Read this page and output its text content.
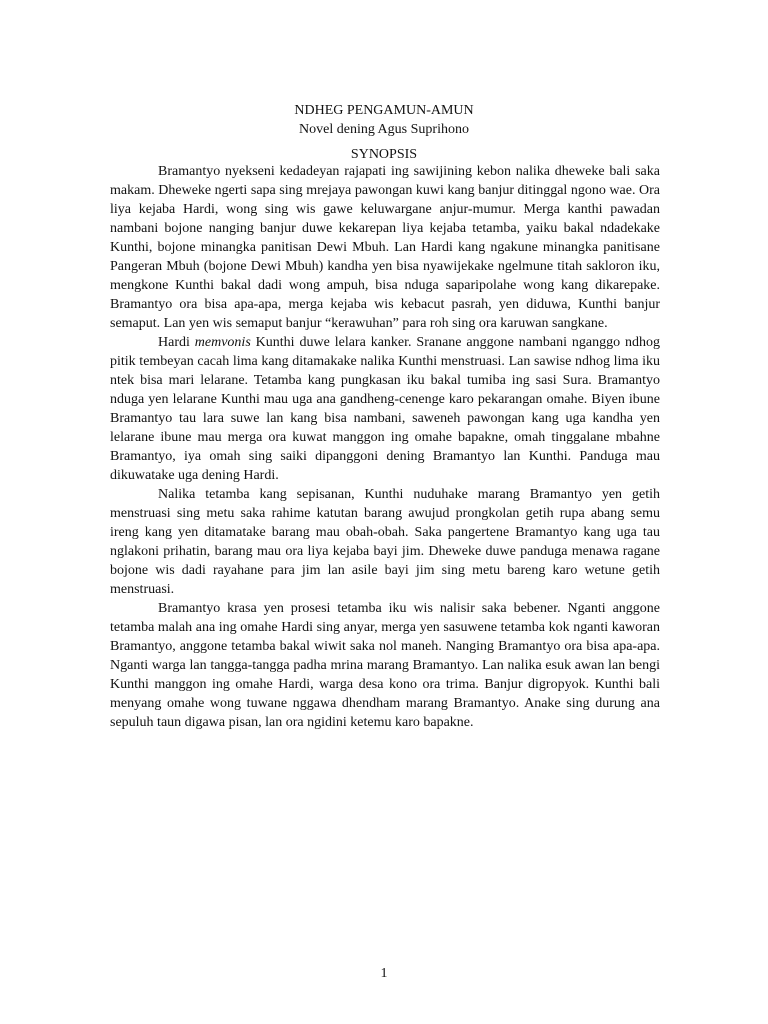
NDHEG PENGAMUN-AMUN
Novel dening Agus Suprihono
SYNOPSIS

Bramantyo nyekseni kedadeyan rajapati ing sawijining kebon nalika dheweke bali saka makam. Dheweke ngerti sapa sing mrejaya pawongan kuwi kang banjur ditinggal ngono wae. Ora liya kejaba Hardi, wong sing wis gawe keluwargane anjur-mumur. Merga kanthi pawadan nambani bojone nanging banjur duwe kekarepan liya kejaba tetamba, yaiku bakal ndadekake Kunthi, bojone minangka panitisan Dewi Mbuh. Lan Hardi kang ngakune minangka panitisane Pangeran Mbuh (bojone Dewi Mbuh) kandha yen bisa nyawijekake ngelmune titah sakloron iku, mengkone Kunthi bakal dadi wong ampuh, bisa nduga saparipolahe wong kang dikarepake. Bramantyo ora bisa apa-apa, merga kejaba wis kebacut pasrah, yen diduwa, Kunthi banjur semaput. Lan yen wis semaput banjur “kerawuhan” para roh sing ora karuwan sangkane.

Hardi memvonis Kunthi duwe lelara kanker. Sranane anggone nambani nganggo ndhog pitik tembeyan cacah lima kang ditamakake nalika Kunthi menstruasi. Lan sawise ndhog lima iku ntek bisa mari lelarane. Tetamba kang pungkasan iku bakal tumiba ing sasi Sura. Bramantyo nduga yen lelarane Kunthi mau uga ana gandheng-cenenge karo pekarangan omahe. Biyen ibune Bramantyo tau lara suwe lan kang bisa nambani, saweneh pawongan kang uga kandha yen lelarane ibune mau merga ora kuwat manggon ing omahe bapakne, omah tinggalane mbahne Bramantyo, iya omah sing saiki dipanggoni dening Bramantyo lan Kunthi. Panduga mau dikuwatake uga dening Hardi.

Nalika tetamba kang sepisanan, Kunthi nuduhake marang Bramantyo yen getih menstruasi sing metu saka rahime katutan barang awujud prongkolan getih rupa abang semu ireng kang yen ditamatake barang mau obah-obah. Saka pangertene Bramantyo kang uga tau nglakoni prihatin, barang mau ora liya kejaba bayi jim. Dheweke duwe panduga menawa ragane bojone wis dadi rayahane para jim lan asile bayi jim sing metu bareng karo wetune getih menstruasi.

Bramantyo krasa yen prosesi tetamba iku wis nalisir saka bebener. Nganti anggone tetamba malah ana ing omahe Hardi sing anyar, merga yen sasuwene tetamba kok nganti kaworan Bramantyo, anggone tetamba bakal wiwit saka nol maneh. Nanging Bramantyo ora bisa apa-apa. Nganti warga lan tangga-tangga padha mrina marang Bramantyo. Lan nalika esuk awan lan bengi Kunthi manggon ing omahe Hardi, warga desa kono ora trima. Banjur digropyok. Kunthi bali menyang omahe wong tuwane nggawa dhendham marang Bramantyo. Anake sing durung ana sepuluh taun digawa pisan, lan ora ngidini ketemu karo bapakne.

1
